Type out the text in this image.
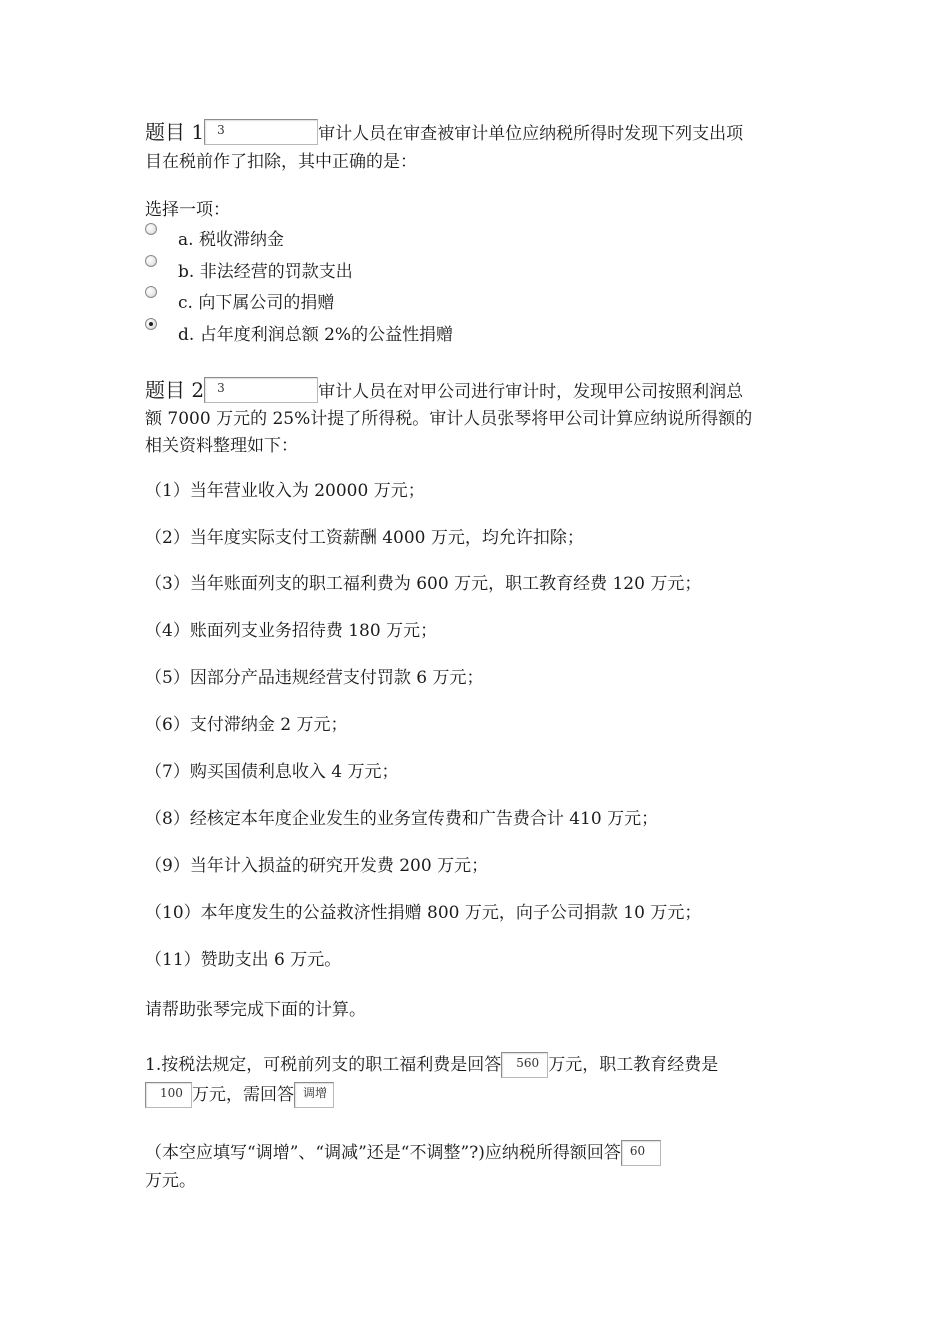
题目 1 3	审计人员在审查被审计单位应纳税所得时发现下列支出项
目在税前作了扣除，其中正确的是：
选择一项：
a. 税收滞纳金
b. 非法经营的罚款支出
c. 向下属公司的捐赠
d. 占年度利润总额 2%的公益性捐赠
题目 2 3	审计人员在对甲公司进行审计时，发现甲公司按照利润总
额 7000 万元的 25%计提了所得税。审计人员张琴将甲公司计算应纳说所得额的
相关资料整理如下：
（1）当年营业收入为 20000 万元；
（2）当年度实际支付工资薪酬 4000 万元，均允许扣除；
（3）当年账面列支的职工福利费为 600 万元，职工教育经费 120 万元；
（4）账面列支业务招待费 180 万元；
（5）因部分产品违规经营支付罚款 6 万元；
（6）支付滞纳金 2 万元；
（7）购买国债利息收入 4 万元；
（8）经核定本年度企业发生的业务宣传费和广告费合计 410 万元；
（9）当年计入损益的研究开发费 200 万元；
（10）本年度发生的公益救济性捐赠 800 万元，向子公司捐款 10 万元；
（11）赞助支出 6 万元。
请帮助张琴完成下面的计算。
1.按税法规定，可税前列支的职工福利费是回答 560 万元，职工教育经费是
100 万元，需回答 调增
（本空应填写“调增”、“调减”还是“不调整”?)应纳税所得额回答 60
万元。
